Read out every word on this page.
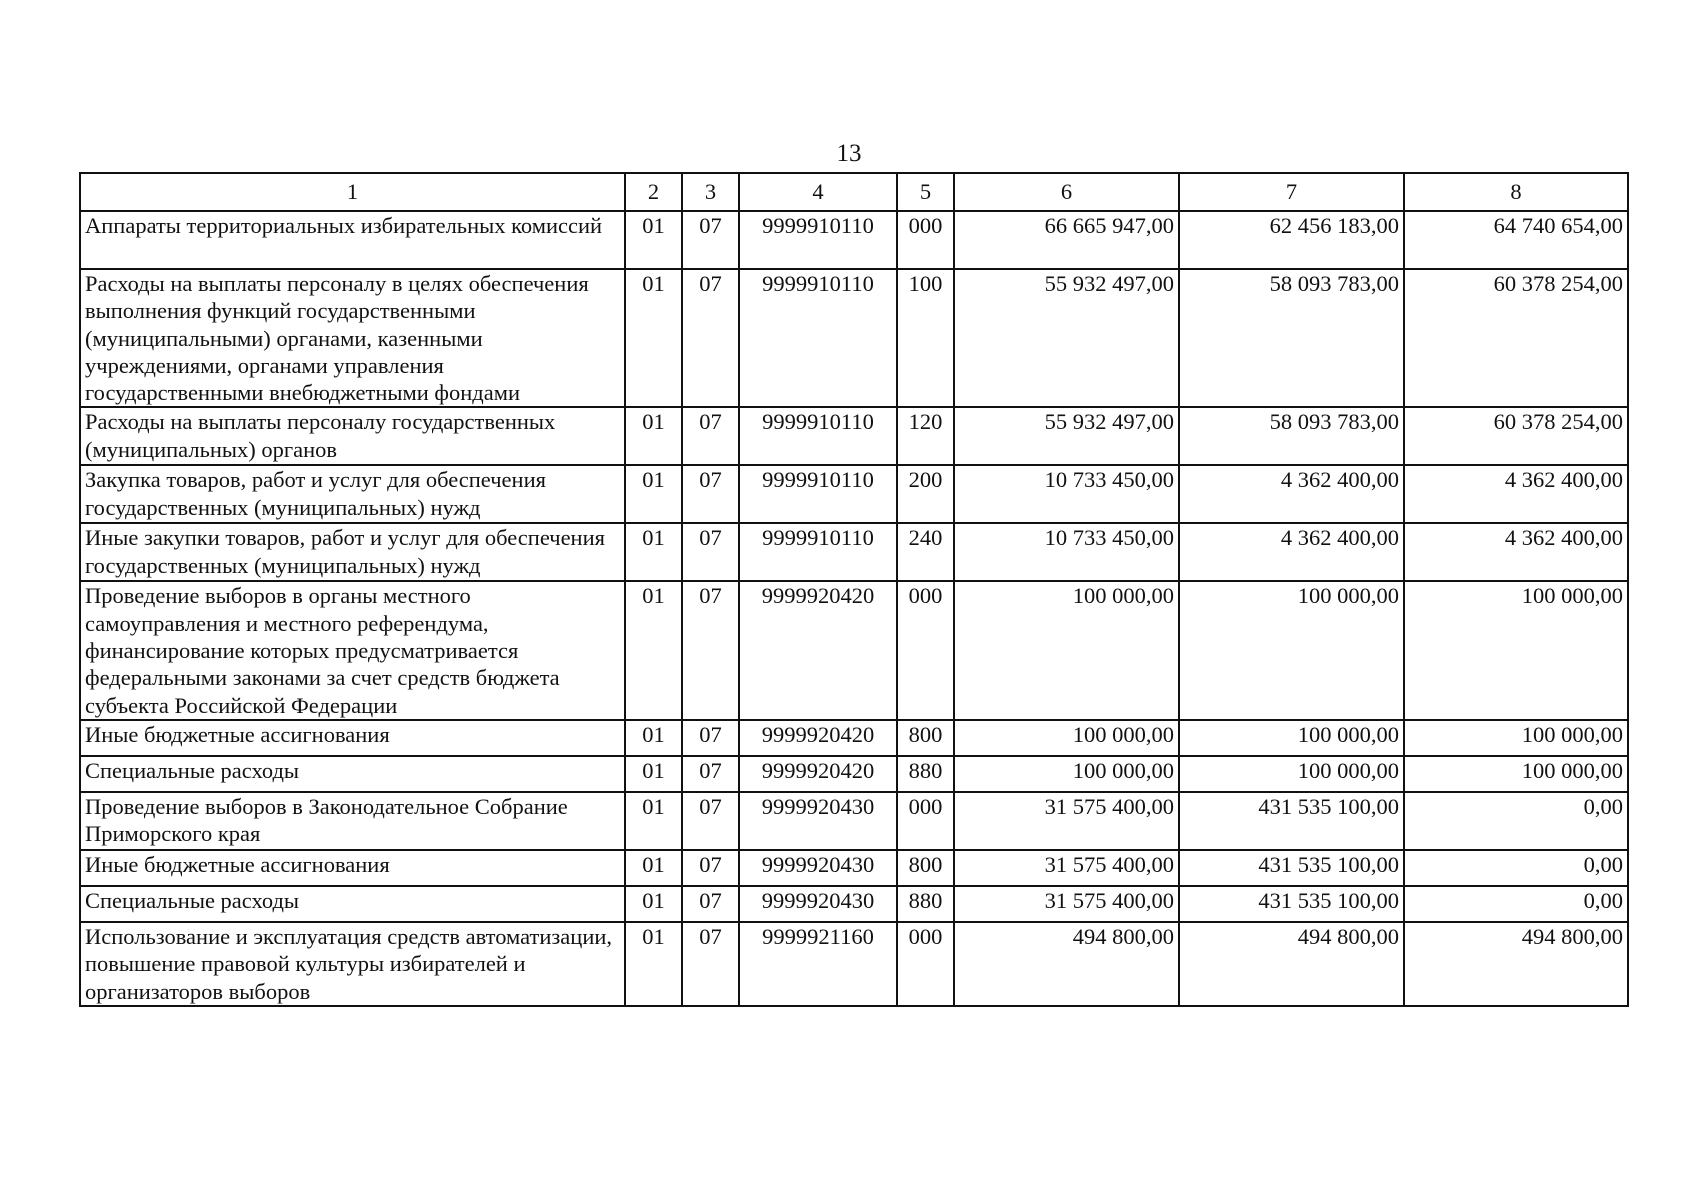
13
1	2	3	4	5	6	7	8
Аппараты территориальных избирательных комиссий	01	07	9999910110	000	66 665 947,00	62 456 183,00	64 740 654,00
Расходы на выплаты персоналу в целях обеспечения выполнения функций государственными (муниципальными) органами, казенными учреждениями, органами управления государственными внебюджетными фондами	01	07	9999910110	100	55 932 497,00	58 093 783,00	60 378 254,00
Расходы на выплаты персоналу государственных (муниципальных) органов	01	07	9999910110	120	55 932 497,00	58 093 783,00	60 378 254,00
Закупка товаров, работ и услуг для обеспечения государственных (муниципальных) нужд	01	07	9999910110	200	10 733 450,00	4 362 400,00	4 362 400,00
Иные закупки товаров, работ и услуг для обеспечения государственных (муниципальных) нужд	01	07	9999910110	240	10 733 450,00	4 362 400,00	4 362 400,00
Проведение выборов в органы местного самоуправления и местного референдума, финансирование которых предусматривается федеральными законами за счет средств бюджета субъекта Российской Федерации	01	07	9999920420	000	100 000,00	100 000,00	100 000,00
Иные бюджетные ассигнования	01	07	9999920420	800	100 000,00	100 000,00	100 000,00
Специальные расходы	01	07	9999920420	880	100 000,00	100 000,00	100 000,00
Проведение выборов в Законодательное Собрание Приморского края	01	07	9999920430	000	31 575 400,00	431 535 100,00	0,00
Иные бюджетные ассигнования	01	07	9999920430	800	31 575 400,00	431 535 100,00	0,00
Специальные расходы	01	07	9999920430	880	31 575 400,00	431 535 100,00	0,00
Использование и эксплуатация средств автоматизации, повышение правовой культуры избирателей и организаторов выборов	01	07	9999921160	000	494 800,00	494 800,00	494 800,00
